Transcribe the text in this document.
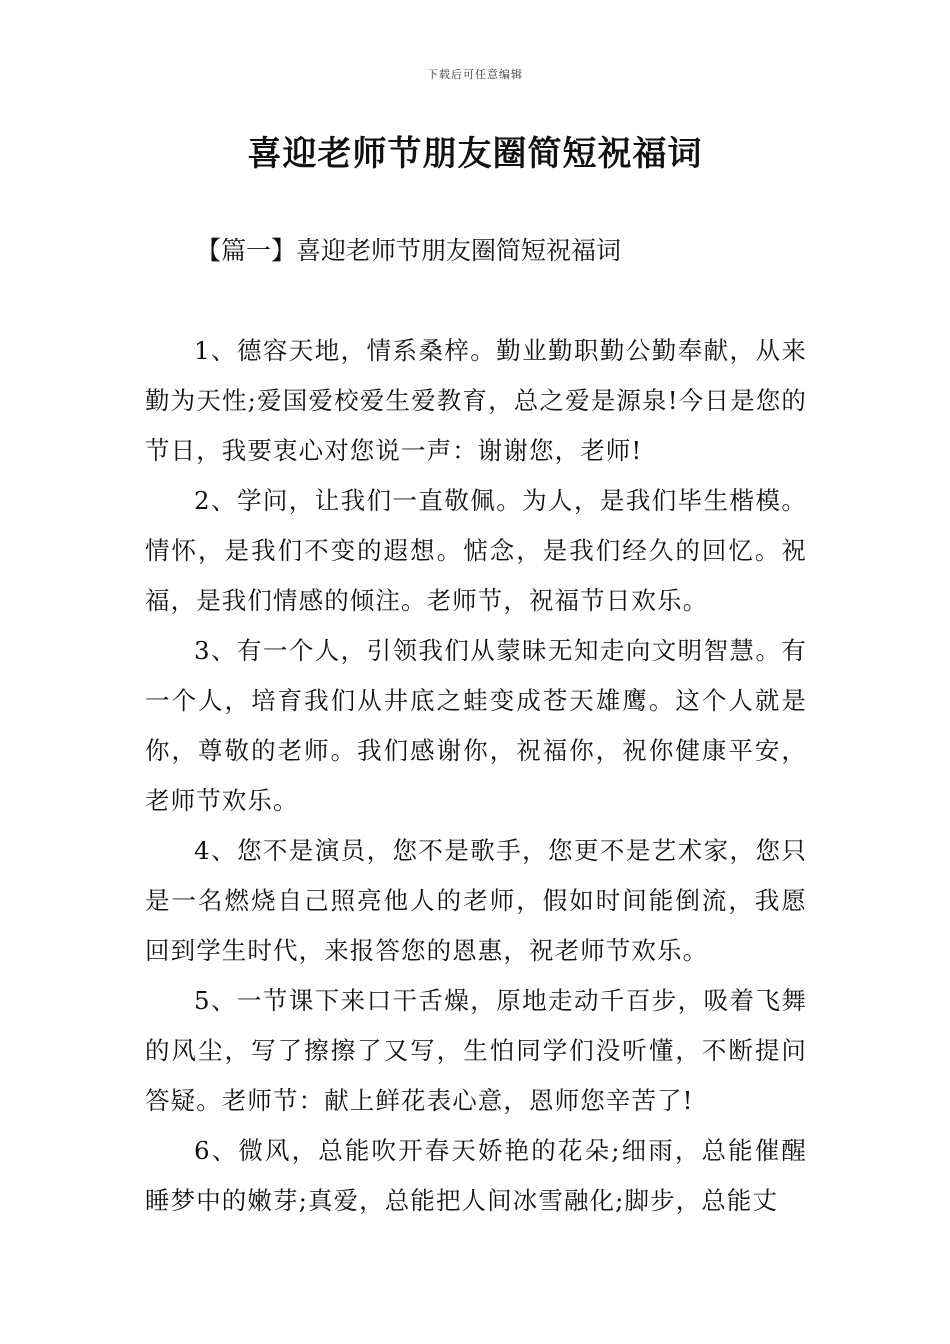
下载后可任意编辑
喜迎老师节朋友圈简短祝福词
【篇一】喜迎老师节朋友圈简短祝福词

1、德容天地，情系桑梓。勤业勤职勤公勤奉献，从来勤为天性;爱国爱校爱生爱教育，总之爱是源泉!今日是您的节日，我要衷心对您说一声：谢谢您，老师!

2、学问，让我们一直敬佩。为人，是我们毕生楷模。情怀，是我们不变的遐想。惦念，是我们经久的回忆。祝福，是我们情感的倾注。老师节，祝福节日欢乐。

3、有一个人，引领我们从蒙昧无知走向文明智慧。有一个人，培育我们从井底之蛙变成苍天雄鹰。这个人就是你，尊敬的老师。我们感谢你，祝福你，祝你健康平安，老师节欢乐。

4、您不是演员，您不是歌手，您更不是艺术家，您只是一名燃烧自己照亮他人的老师，假如时间能倒流，我愿回到学生时代，来报答您的恩惠，祝老师节欢乐。

5、一节课下来口干舌燥，原地走动千百步，吸着飞舞的风尘，写了擦擦了又写，生怕同学们没听懂，不断提问答疑。老师节：献上鲜花表心意，恩师您辛苦了!

6、微风，总能吹开春天娇艳的花朵;细雨，总能催醒睡梦中的嫩芽;真爱，总能把人间冰雪融化;脚步，总能丈
